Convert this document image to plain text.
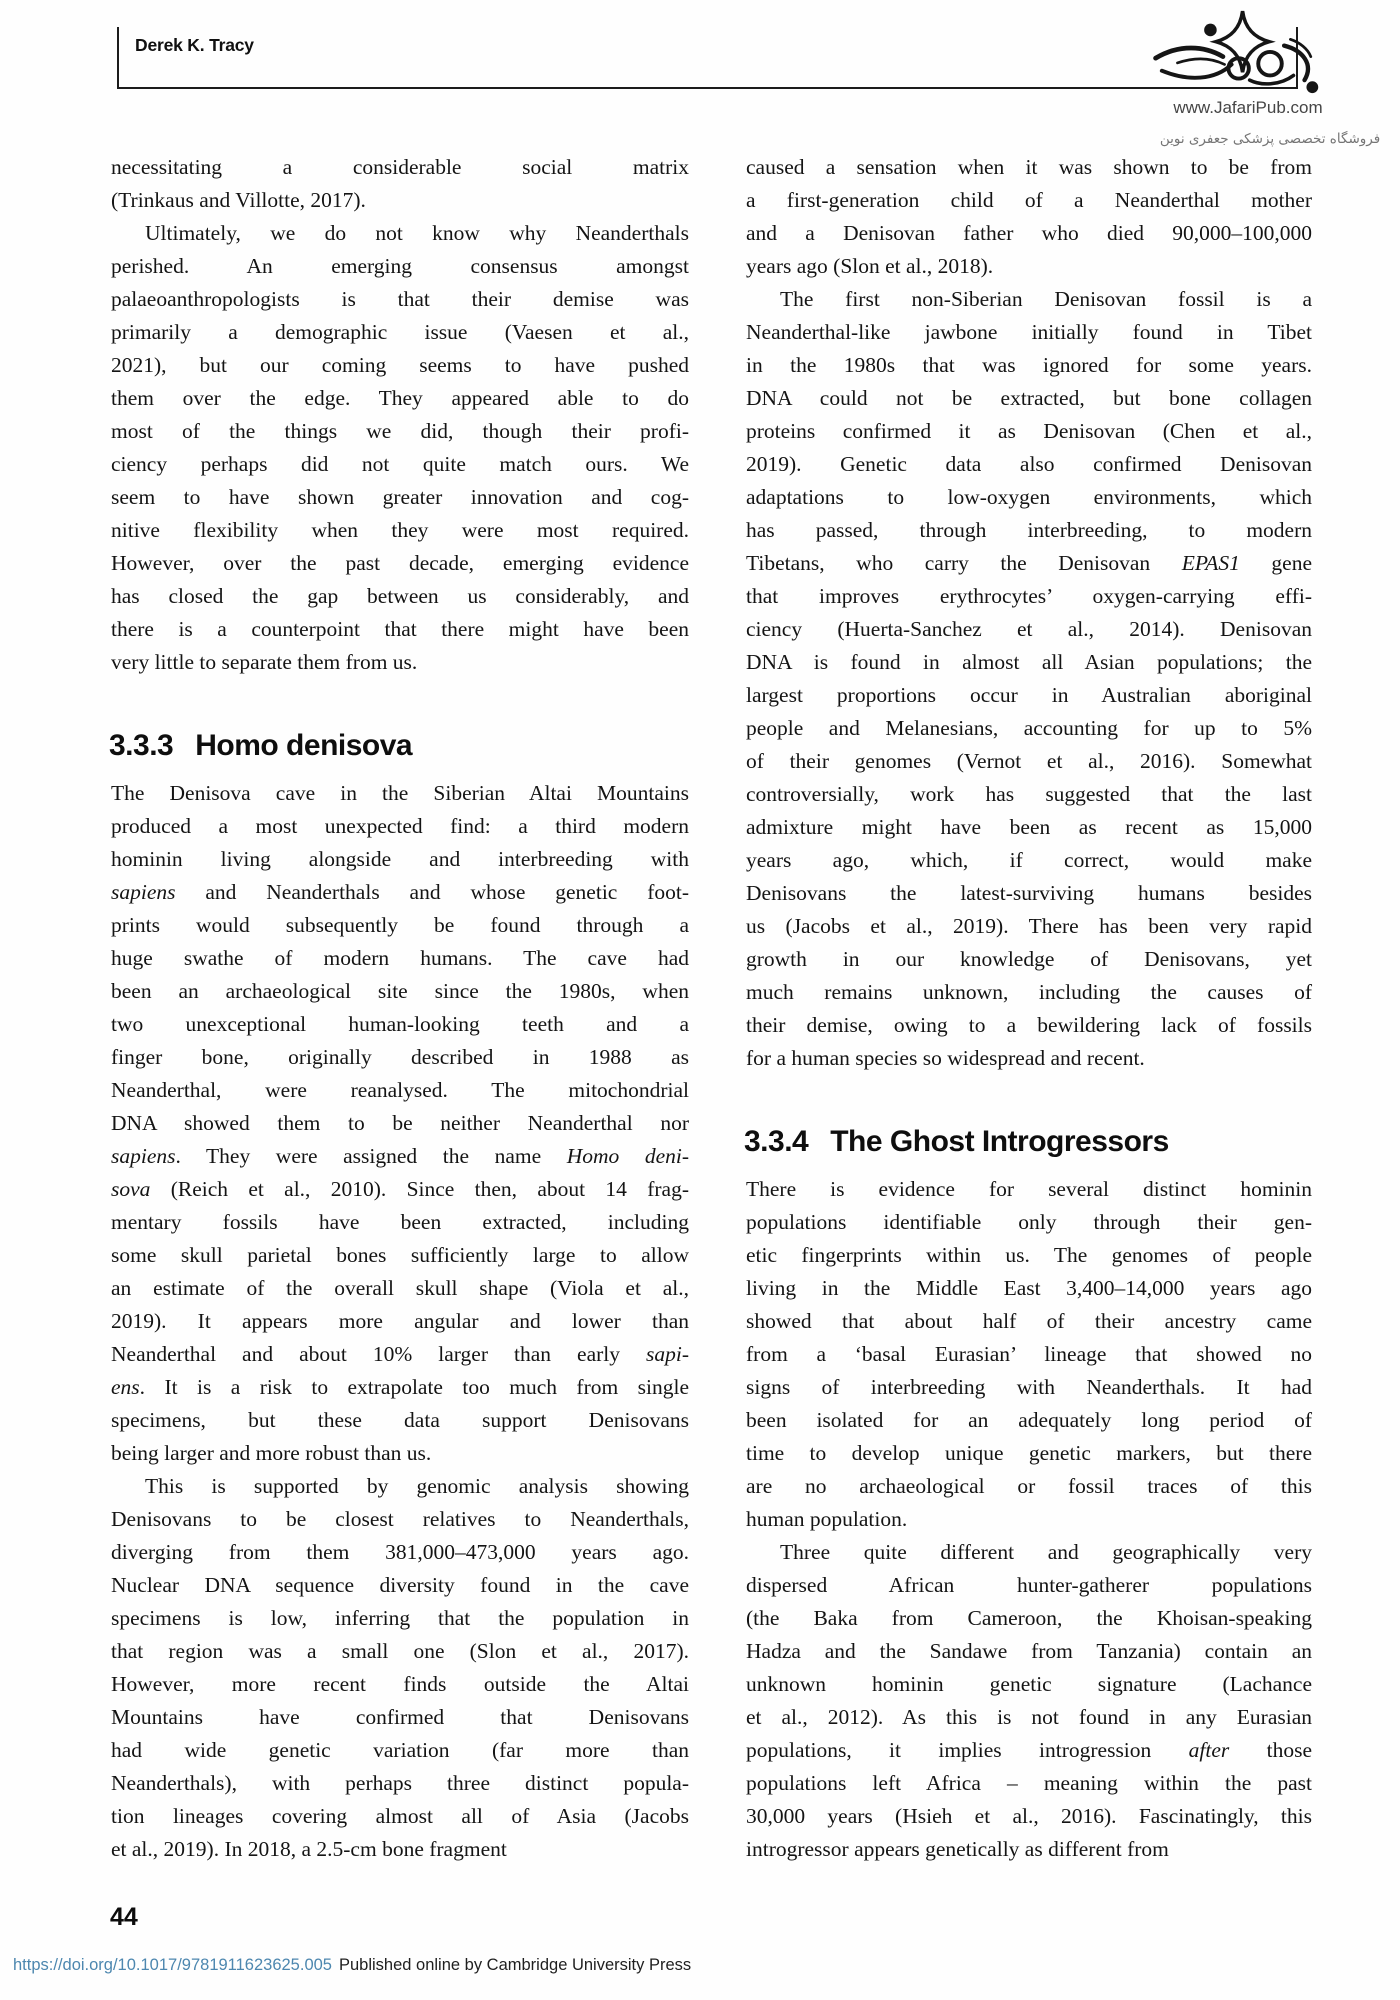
Derek K. Tracy
www.JafariPub.com
فروشگاه تخصصی پزشکی جعفری نوین
necessitating a considerable social matrix
(Trinkaus and Villotte, 2017).
Ultimately, we do not know why Neanderthals
perished. An emerging consensus amongst
palaeoanthropologists is that their demise was
primarily a demographic issue (Vaesen et al.,
2021), but our coming seems to have pushed
them over the edge. They appeared able to do
most of the things we did, though their profi-
ciency perhaps did not quite match ours. We
seem to have shown greater innovation and cog-
nitive flexibility when they were most required.
However, over the past decade, emerging evidence
has closed the gap between us considerably, and
there is a counterpoint that there might have been
very little to separate them from us.
3.3.3 Homo denisova
The Denisova cave in the Siberian Altai Mountains
produced a most unexpected find: a third modern
hominin living alongside and interbreeding with
sapiens and Neanderthals and whose genetic foot-
prints would subsequently be found through a
huge swathe of modern humans. The cave had
been an archaeological site since the 1980s, when
two unexceptional human-looking teeth and a
finger bone, originally described in 1988 as
Neanderthal, were reanalysed. The mitochondrial
DNA showed them to be neither Neanderthal nor
sapiens. They were assigned the name Homo deni-
sova (Reich et al., 2010). Since then, about 14 frag-
mentary fossils have been extracted, including
some skull parietal bones sufficiently large to allow
an estimate of the overall skull shape (Viola et al.,
2019). It appears more angular and lower than
Neanderthal and about 10% larger than early sapi-
ens. It is a risk to extrapolate too much from single
specimens, but these data support Denisovans
being larger and more robust than us.
This is supported by genomic analysis showing
Denisovans to be closest relatives to Neanderthals,
diverging from them 381,000–473,000 years ago.
Nuclear DNA sequence diversity found in the cave
specimens is low, inferring that the population in
that region was a small one (Slon et al., 2017).
However, more recent finds outside the Altai
Mountains have confirmed that Denisovans
had wide genetic variation (far more than
Neanderthals), with perhaps three distinct popula-
tion lineages covering almost all of Asia (Jacobs
et al., 2019). In 2018, a 2.5-cm bone fragment
caused a sensation when it was shown to be from
a first-generation child of a Neanderthal mother
and a Denisovan father who died 90,000–100,000
years ago (Slon et al., 2018).
The first non-Siberian Denisovan fossil is a
Neanderthal-like jawbone initially found in Tibet
in the 1980s that was ignored for some years.
DNA could not be extracted, but bone collagen
proteins confirmed it as Denisovan (Chen et al.,
2019). Genetic data also confirmed Denisovan
adaptations to low-oxygen environments, which
has passed, through interbreeding, to modern
Tibetans, who carry the Denisovan EPAS1 gene
that improves erythrocytes’ oxygen-carrying effi-
ciency (Huerta-Sanchez et al., 2014). Denisovan
DNA is found in almost all Asian populations; the
largest proportions occur in Australian aboriginal
people and Melanesians, accounting for up to 5%
of their genomes (Vernot et al., 2016). Somewhat
controversially, work has suggested that the last
admixture might have been as recent as 15,000
years ago, which, if correct, would make
Denisovans the latest-surviving humans besides
us (Jacobs et al., 2019). There has been very rapid
growth in our knowledge of Denisovans, yet
much remains unknown, including the causes of
their demise, owing to a bewildering lack of fossils
for a human species so widespread and recent.
3.3.4 The Ghost Introgressors
There is evidence for several distinct hominin
populations identifiable only through their gen-
etic fingerprints within us. The genomes of people
living in the Middle East 3,400–14,000 years ago
showed that about half of their ancestry came
from a ‘basal Eurasian’ lineage that showed no
signs of interbreeding with Neanderthals. It had
been isolated for an adequately long period of
time to develop unique genetic markers, but there
are no archaeological or fossil traces of this
human population.
Three quite different and geographically very
dispersed African hunter-gatherer populations
(the Baka from Cameroon, the Khoisan-speaking
Hadza and the Sandawe from Tanzania) contain an
unknown hominin genetic signature (Lachance
et al., 2012). As this is not found in any Eurasian
populations, it implies introgression after those
populations left Africa – meaning within the past
30,000 years (Hsieh et al., 2016). Fascinatingly, this
introgressor appears genetically as different from
44
https://doi.org/10.1017/9781911623625.005 Published online by Cambridge University Press
